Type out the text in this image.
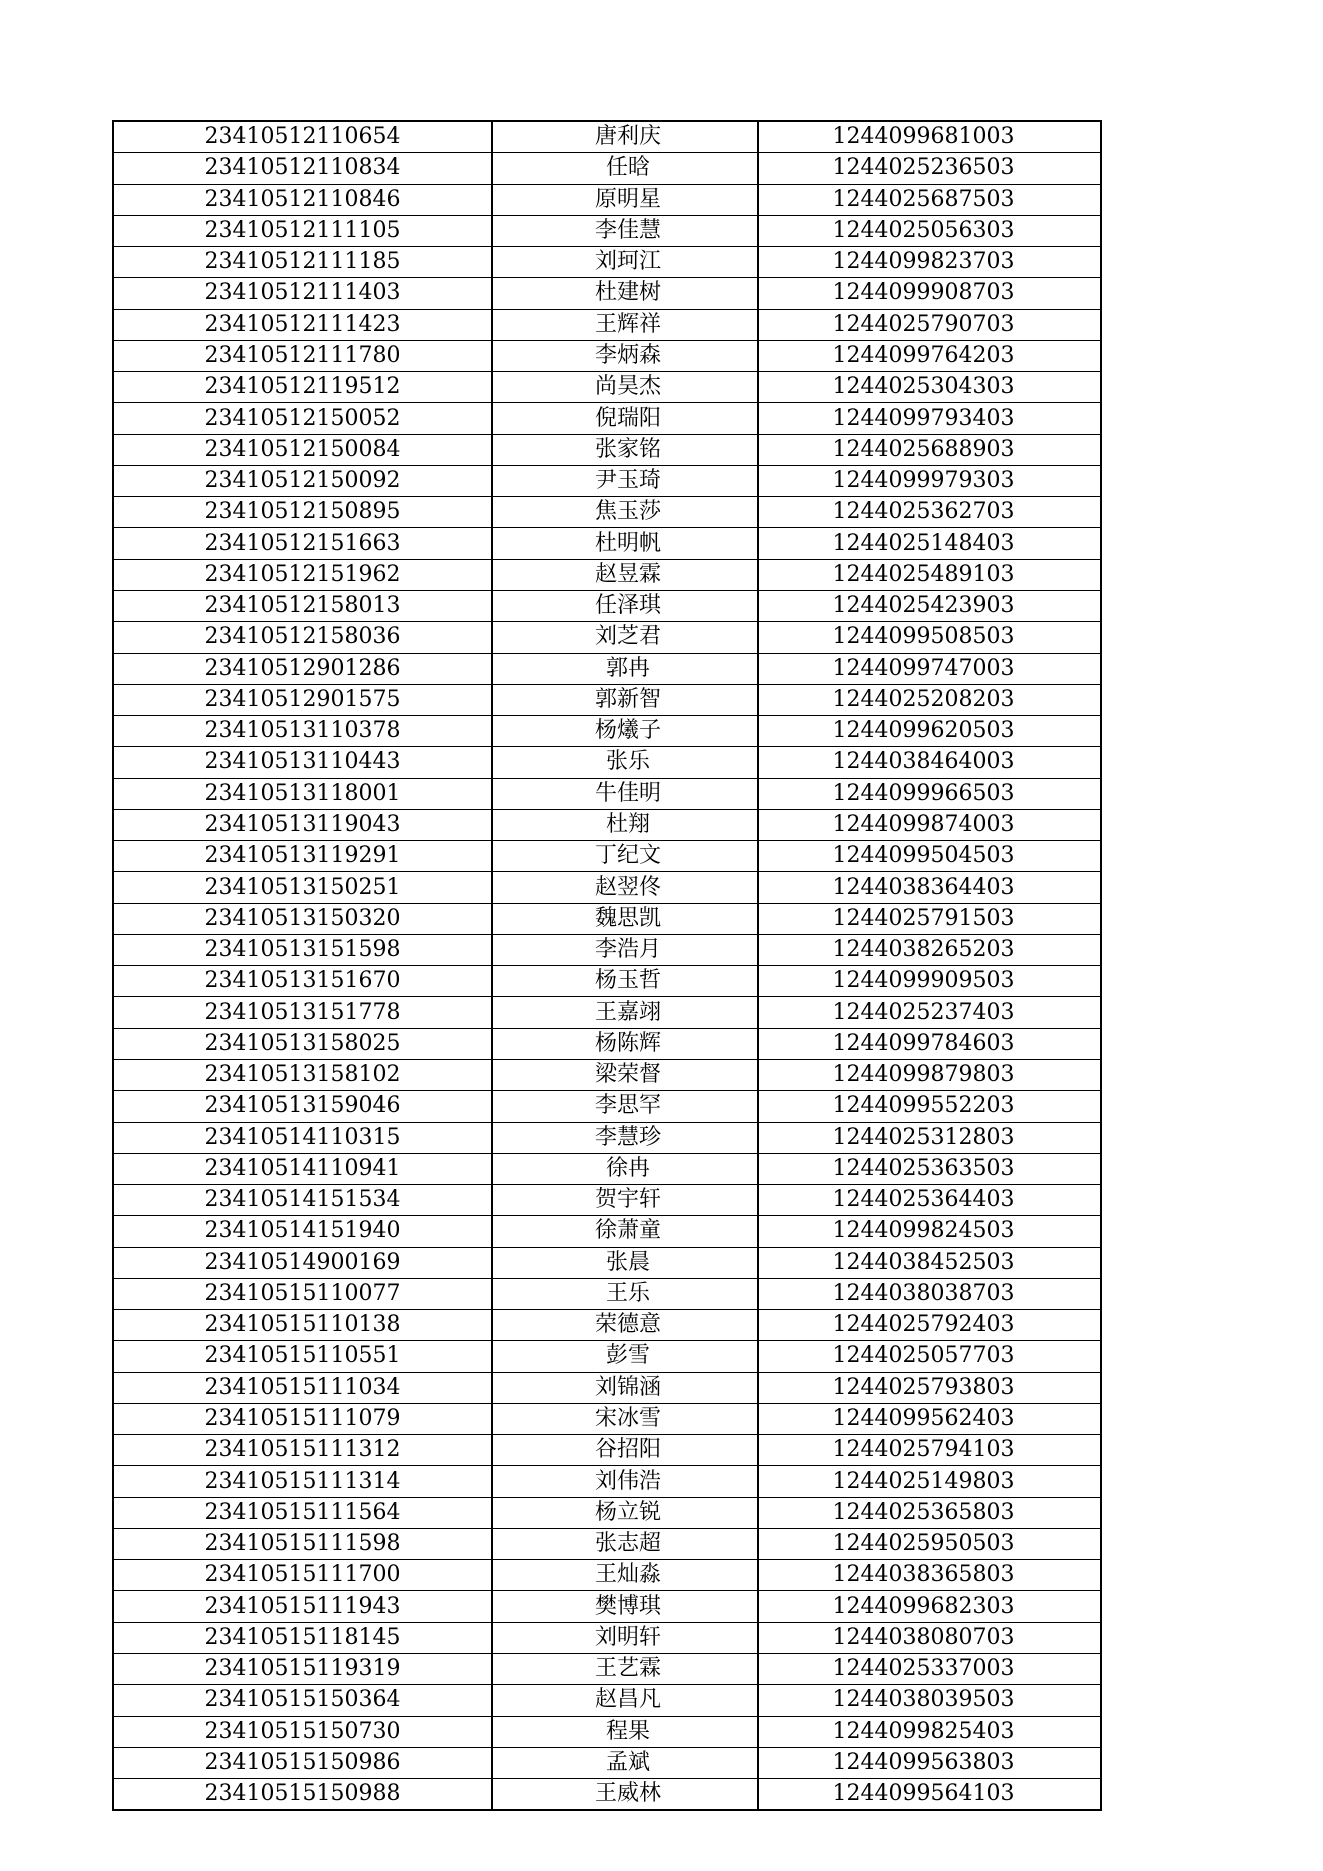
23410512110654	唐利庆	1244099681003
23410512110834	任晗	1244025236503
23410512110846	原明星	1244025687503
23410512111105	李佳慧	1244025056303
23410512111185	刘珂江	1244099823703
23410512111403	杜建树	1244099908703
23410512111423	王辉祥	1244025790703
23410512111780	李炳森	1244099764203
23410512119512	尚昊杰	1244025304303
23410512150052	倪瑞阳	1244099793403
23410512150084	张家铭	1244025688903
23410512150092	尹玉琦	1244099979303
23410512150895	焦玉莎	1244025362703
23410512151663	杜明帆	1244025148403
23410512151962	赵昱霖	1244025489103
23410512158013	任泽琪	1244025423903
23410512158036	刘芝君	1244099508503
23410512901286	郭冉	1244099747003
23410512901575	郭新智	1244025208203
23410513110378	杨爔子	1244099620503
23410513110443	张乐	1244038464003
23410513118001	牛佳明	1244099966503
23410513119043	杜翔	1244099874003
23410513119291	丁纪文	1244099504503
23410513150251	赵翌佟	1244038364403
23410513150320	魏思凯	1244025791503
23410513151598	李浩月	1244038265203
23410513151670	杨玉哲	1244099909503
23410513151778	王嘉翊	1244025237403
23410513158025	杨陈辉	1244099784603
23410513158102	梁荣督	1244099879803
23410513159046	李思罕	1244099552203
23410514110315	李慧珍	1244025312803
23410514110941	徐冉	1244025363503
23410514151534	贺宇轩	1244025364403
23410514151940	徐萧童	1244099824503
23410514900169	张晨	1244038452503
23410515110077	王乐	1244038038703
23410515110138	荣德意	1244025792403
23410515110551	彭雪	1244025057703
23410515111034	刘锦涵	1244025793803
23410515111079	宋冰雪	1244099562403
23410515111312	谷招阳	1244025794103
23410515111314	刘伟浩	1244025149803
23410515111564	杨立锐	1244025365803
23410515111598	张志超	1244025950503
23410515111700	王灿淼	1244038365803
23410515111943	樊博琪	1244099682303
23410515118145	刘明轩	1244038080703
23410515119319	王艺霖	1244025337003
23410515150364	赵昌凡	1244038039503
23410515150730	程果	1244099825403
23410515150986	孟斌	1244099563803
23410515150988	王威林	1244099564103
